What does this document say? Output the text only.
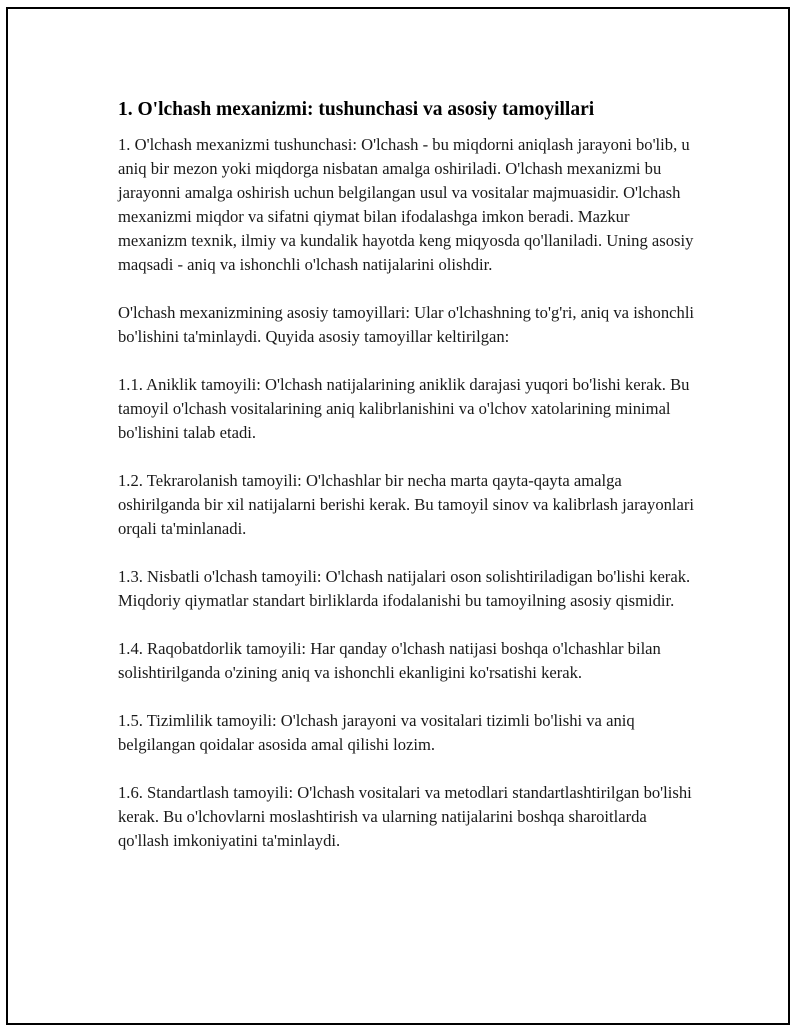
1. O'lchash mexanizmi: tushunchasi va asosiy tamoyillari

1. O'lchash mexanizmi tushunchasi: O'lchash - bu miqdorni aniqlash jarayoni bo'lib, u aniq bir mezon yoki miqdorga nisbatan amalga oshiriladi. O'lchash mexanizmi bu jarayonni amalga oshirish uchun belgilangan usul va vositalar majmuasidir. O'lchash mexanizmi miqdor va sifatni qiymat bilan ifodalashga imkon beradi. Mazkur mexanizm texnik, ilmiy va kundalik hayotda keng miqyosda qo'llaniladi. Uning asosiy maqsadi - aniq va ishonchli o'lchash natijalarini olishdir.

O'lchash mexanizmining asosiy tamoyillari: Ular o'lchashning to'g'ri, aniq va ishonchli bo'lishini ta'minlaydi. Quyida asosiy tamoyillar keltirilgan:

1.1. Aniklik tamoyili: O'lchash natijalarining aniklik darajasi yuqori bo'lishi kerak. Bu tamoyil o'lchash vositalarining aniq kalibrlanishini va o'lchov xatolarining minimal bo'lishini talab etadi.

1.2. Tekrarolanish tamoyili: O'lchashlar bir necha marta qayta-qayta amalga oshirilganda bir xil natijalarni berishi kerak. Bu tamoyil sinov va kalibrlash jarayonlari orqali ta'minlanadi.

1.3. Nisbatli o'lchash tamoyili: O'lchash natijalari oson solishtiriladigan bo'lishi kerak. Miqdoriy qiymatlar standart birliklarda ifodalanishi bu tamoyilning asosiy qismidir.

1.4. Raqobatdorlik tamoyili: Har qanday o'lchash natijasi boshqa o'lchashlar bilan solishtirilganda o'zining aniq va ishonchli ekanligini ko'rsatishi kerak.

1.5. Tizimlilik tamoyili: O'lchash jarayoni va vositalari tizimli bo'lishi va aniq belgilangan qoidalar asosida amal qilishi lozim.

1.6. Standartlash tamoyili: O'lchash vositalari va metodlari standartlashtirilgan bo'lishi kerak. Bu o'lchovlarni moslashtirish va ularning natijalarini boshqa sharoitlarda qo'llash imkoniyatini ta'minlaydi.
